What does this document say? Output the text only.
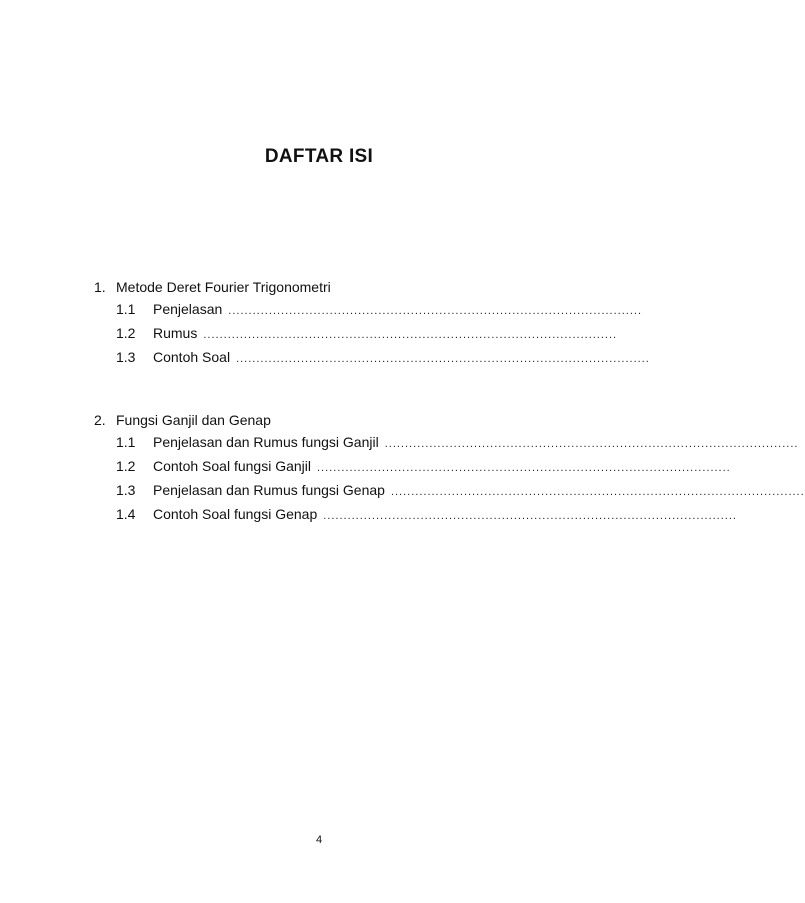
DAFTAR ISI
1. Metode Deret Fourier Trigonometri
1.1	Penjelasan ......................................................................................................
1.2	Rumus ......................................................................................................
1.3	Contoh Soal ......................................................................................................
2. Fungsi Ganjil dan Genap
1.1	Penjelasan dan Rumus fungsi Ganjil ......................................................................................................
1.2	Contoh Soal fungsi Ganjil ......................................................................................................
1.3	Penjelasan dan Rumus fungsi Genap ......................................................................................................
1.4	Contoh Soal fungsi Genap ......................................................................................................
4
